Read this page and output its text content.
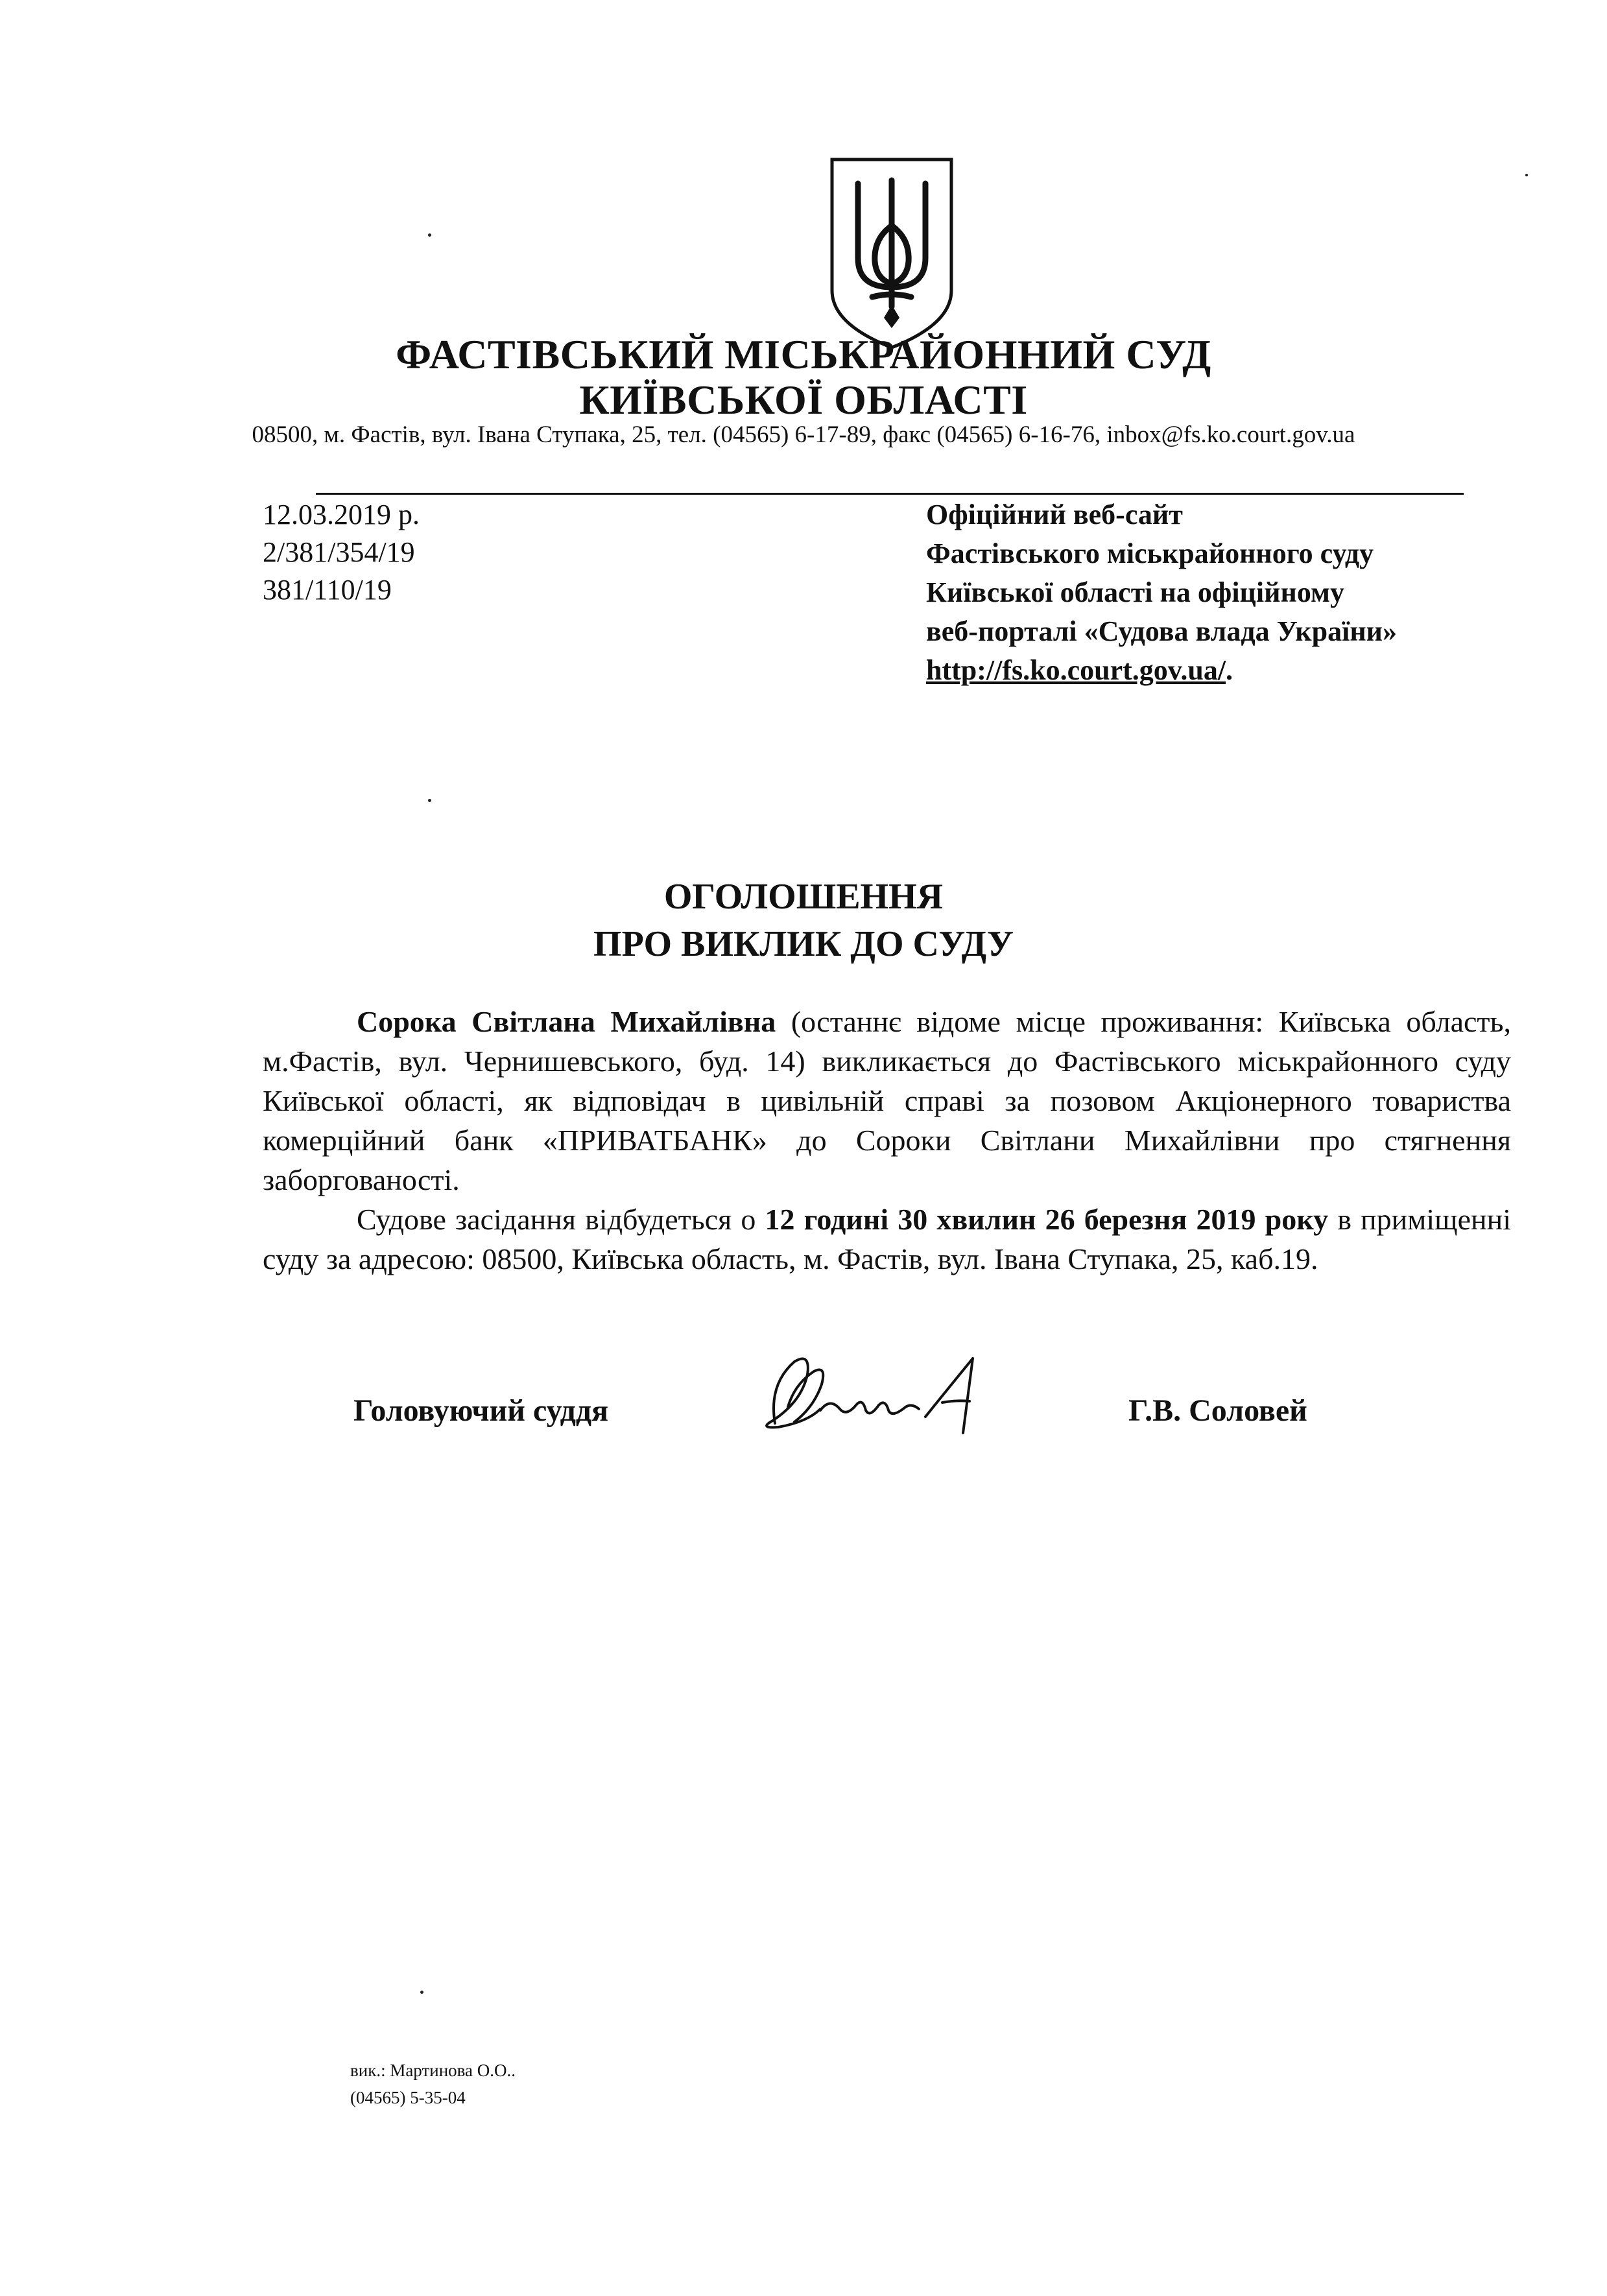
ФАСТІВСЬКИЙ МІСЬКРАЙОННИЙ СУД
КИЇВСЬКОЇ ОБЛАСТІ
08500, м. Фастів, вул. Івана Ступака, 25, тел. (04565) 6-17-89, факс (04565) 6-16-76, inbox@fs.ko.court.gov.ua
12.03.2019 р.
2/381/354/19
381/110/19
Офіційний веб-сайт
Фастівського міськрайонного суду
Київської області на офіційному
веб-порталі «Судова влада України»
http://fs.ko.court.gov.ua/.
ОГОЛОШЕННЯ
ПРО ВИКЛИК ДО СУДУ

Сорока Світлана Михайлівна (останнє відоме місце проживання: Київська область, м.Фастів, вул. Чернишевського, буд. 14) викликається до Фастівського міськрайонного суду Київської області, як відповідач в цивільній справі за позовом Акціонерного товариства комерційний банк «ПРИВАТБАНК» до Сороки Світлани Михайлівни про стягнення заборгованості.

Судове засідання відбудеться о 12 годині 30 хвилин 26 березня 2019 року в приміщенні суду за адресою: 08500, Київська область, м. Фастів, вул. Івана Ступака, 25, каб.19.

Головуючий суддя	Г.В. Соловей
вик.: Мартинова О.О..
(04565) 5-35-04
